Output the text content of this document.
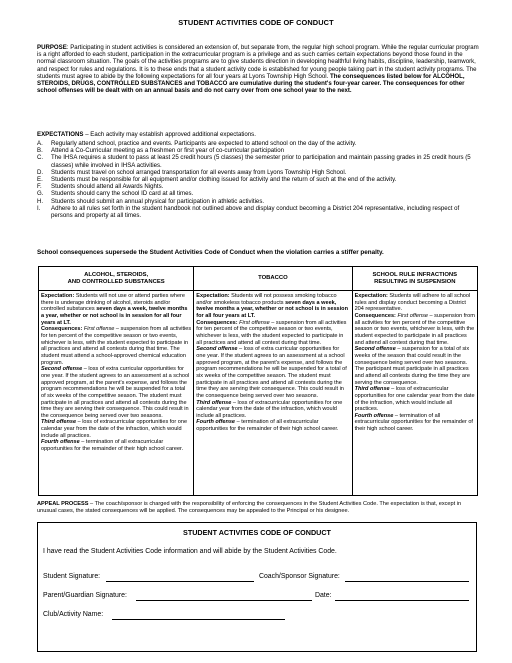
STUDENT ACTIVITIES CODE OF CONDUCT
PURPOSE: Participating in student activities is considered an extension of, but separate from, the regular high school program. While the regular curricular program is a right afforded to each student, participation in the extracurricular program is a privilege and as such carries certain expectations beyond those found in the normal classroom situation. The goals of the activities programs are to give students direction in developing healthful living habits, discipline, leadership, teamwork, and respect for rules and regulations. It is to these ends that a student activity code is established for young people taking part in the student activity programs. The students must agree to abide by the following expectations for all four years at Lyons Township High School. The consequences listed below for ALCOHOL, STEROIDS, DRUGS, CONTROLLED SUBSTANCES and TOBACCO are cumulative during the student's four-year career. The consequences for other school offenses will be dealt with on an annual basis and do not carry over from one school year to the next.
EXPECTATIONS – Each activity may establish approved additional expectations.
A.	Regularly attend school, practice and events. Participants are expected to attend school on the day of the activity.
B.	Attend a Co-Curricular meeting as a freshmen or first year of co-curricular participation
C.	The IHSA requires a student to pass at least 25 credit hours (5 classes) the semester prior to participation and maintain passing grades in 25 credit hours (5 classes) while involved in IHSA activities.
D.	Students must travel on school arranged transportation for all events away from Lyons Township High School.
E.	Students must be responsible for all equipment and/or clothing issued for activity and the return of such at the end of the activity.
F.	Students should attend all Awards Nights.
G.	Students should carry the school ID card at all times.
H.	Students should submit an annual physical for participation in athletic activities.
I.	Adhere to all rules set forth in the student handbook not outlined above and display conduct becoming a District 204 representative, including respect of persons and property at all times.
School consequences supersede the Student Activities Code of Conduct when the violation carries a stiffer penalty.
ALCOHOL, STEROIDS,
AND CONTROLLED SUBSTANCES
Expectation: Students will not use or attend parties where there is underage drinking of alcohol, steroids and/or controlled substances seven days a week, twelve months a year, whether or not school is in session for all four years at LT.
Consequences: First offense – suspension from all activities for ten percent of the competitive season or two events, whichever is less, with the student expected to participate in all practices and attend all contests during that time. The student must attend a school-approved chemical education program.
Second offense – loss of extra curricular opportunities for one year. If the student agrees to an assessment at a school approved program, at the parent's expense, and follows the program recommendations he will be suspended for a total of six weeks of the competitive season. The student must participate in all practices and attend all contests during the time they are serving their consequence. This could result in the consequence being served over two seasons.
Third offense – loss of extracurricular opportunities for one calendar year from the date of the infraction, which would include all practices.
Fourth offense – termination of all extracurricular opportunities for the remainder of their high school career.
TOBACCO
Expectation: Students will not possess smoking tobacco and/or smokeless tobacco products seven days a week, twelve months a year, whether or not school is in session for all four years at LT.
Consequences: First offense – suspension from all activities for ten percent of the competitive season or two events, whichever is less, with the student expected to participate in all practices and attend all contest during that time.
Second offense – loss of extra curricular opportunities for one year. If the student agrees to an assessment at a school approved program, at the parent's expense, and follows the program recommendations he will be suspended for a total of six weeks of the competitive season. The student must participate in all practices and attend all contests during the time they are serving their consequence. This could result in the consequence being served over two seasons.
Third offense – loss of extracurricular opportunities for one calendar year from the date of the infraction, which would include all practices.
Fourth offense – termination of all extracurricular opportunities for the remainder of their high school career.
SCHOOL RULE INFRACTIONS
RESULTING IN SUSPENSION
Expectation: Students will adhere to all school rules and display conduct becoming a District 204 representative.
Consequences: First offense – suspension from all activities for ten percent of the competitive season or two events, whichever is less, with the student expected to participate in all practices and attend all contest during that time.
Second offense – suspension for a total of six weeks of the season that could result in the consequence being served over two seasons. The participant must participate in all practices and attend all contests during the time they are serving the consequence.
Third offense – loss of extracurricular opportunities for one calendar year from the date of the infraction, which would include all practices.
Fourth offense – termination of all extracurricular opportunities for the remainder of their high school career.
APPEAL PROCESS – The coach/sponsor is charged with the responsibility of enforcing the consequences in the Student Activities Code. The expectation is that, except in unusual cases, the stated consequences will be applied. The consequences may be appealed to the Principal or his designee.
STUDENT ACTIVITIES CODE OF CONDUCT
I have read the Student Activities Code information and will abide by the Student Activities Code.
Student Signature:	Coach/Sponsor Signature:
Parent/Guardian Signature:	Date:
Club/Activity Name:
